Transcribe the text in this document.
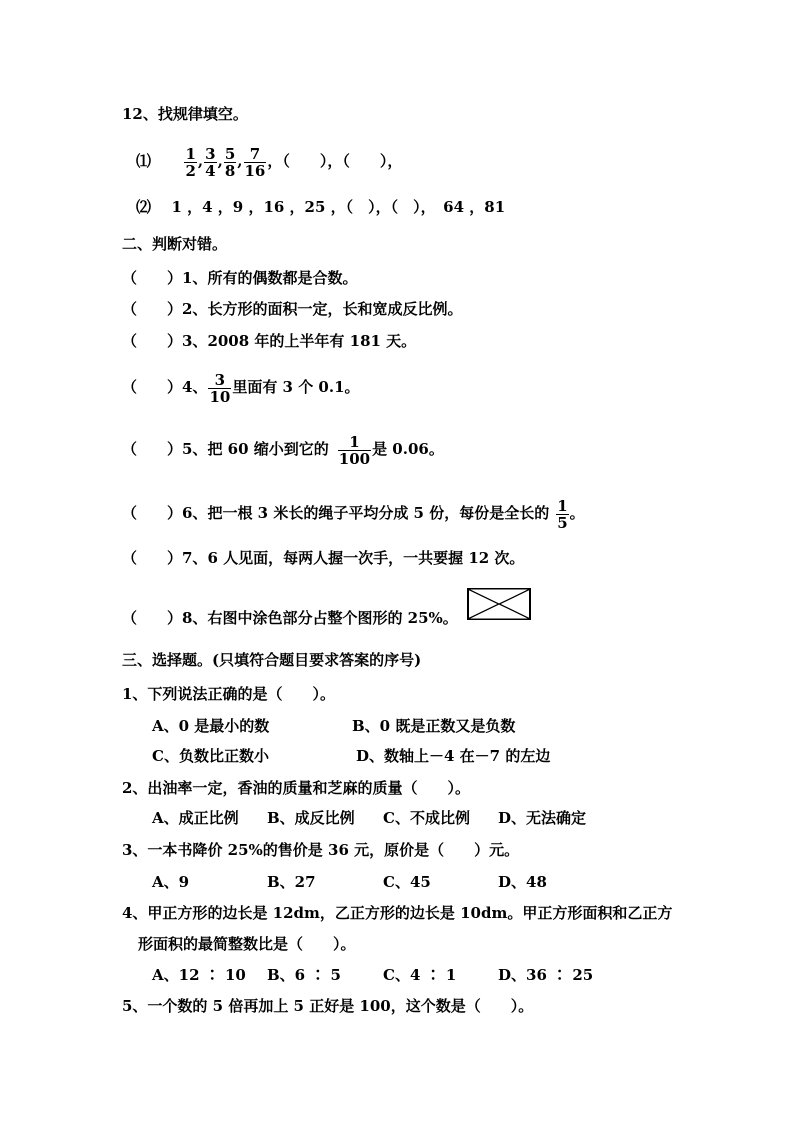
12、找规律填空。
⑴ $\frac{1}{2}$ , $\frac{3}{4}$ , $\frac{5}{8}$ , $\frac{7}{16}$ ，（　　），（　　），
⑵ 1 ，4 ，9 ，16 ，25 ，（　），（　），　64 ，81
二、判断对错。
（　　）1、所有的偶数都是合数。
（　　）2、长方形的面积一定，长和宽成反比例。
（　　）3、2008 年的上半年有 181 天。
（　　）4、 $\frac{3}{10}$ 里面有 3 个 0.1。
（　　）5、把 60 缩小到它的 $\frac{1}{100}$ 是 0.06。
（　　）6、把一根 3 米长的绳子平均分成 5 份，每份是全长的 $\frac{1}{5}$ 。
（　　）7、6 人见面，每两人握一次手，一共要握 12 次。
（　　）8、右图中涂色部分占整个图形的 25%。
三、选择题。(只填符合题目要求答案的序号)
1、下列说法正确的是（　　）。
A、0 是最小的数	B、0 既是正数又是负数
C、负数比正数小	D、数轴上－4 在－7 的左边
2、出油率一定，香油的质量和芝麻的质量（　　）。
A、成正比例 B、成反比例 C、不成比例 D、无法确定
3、一本书降价 25%的售价是 36 元，原价是（　　）元。
A、9	B、27	C、45	D、48
4、甲正方形的边长是 12dm，乙正方形的边长是 10dm。甲正方形面积和乙正方
形面积的最简整数比是（　　）。
A、12 ∶ 10 B、6 ∶ 5	C、4 ∶ 1	D、36 ∶ 25
5、一个数的 5 倍再加上 5 正好是 100，这个数是（　　）。
